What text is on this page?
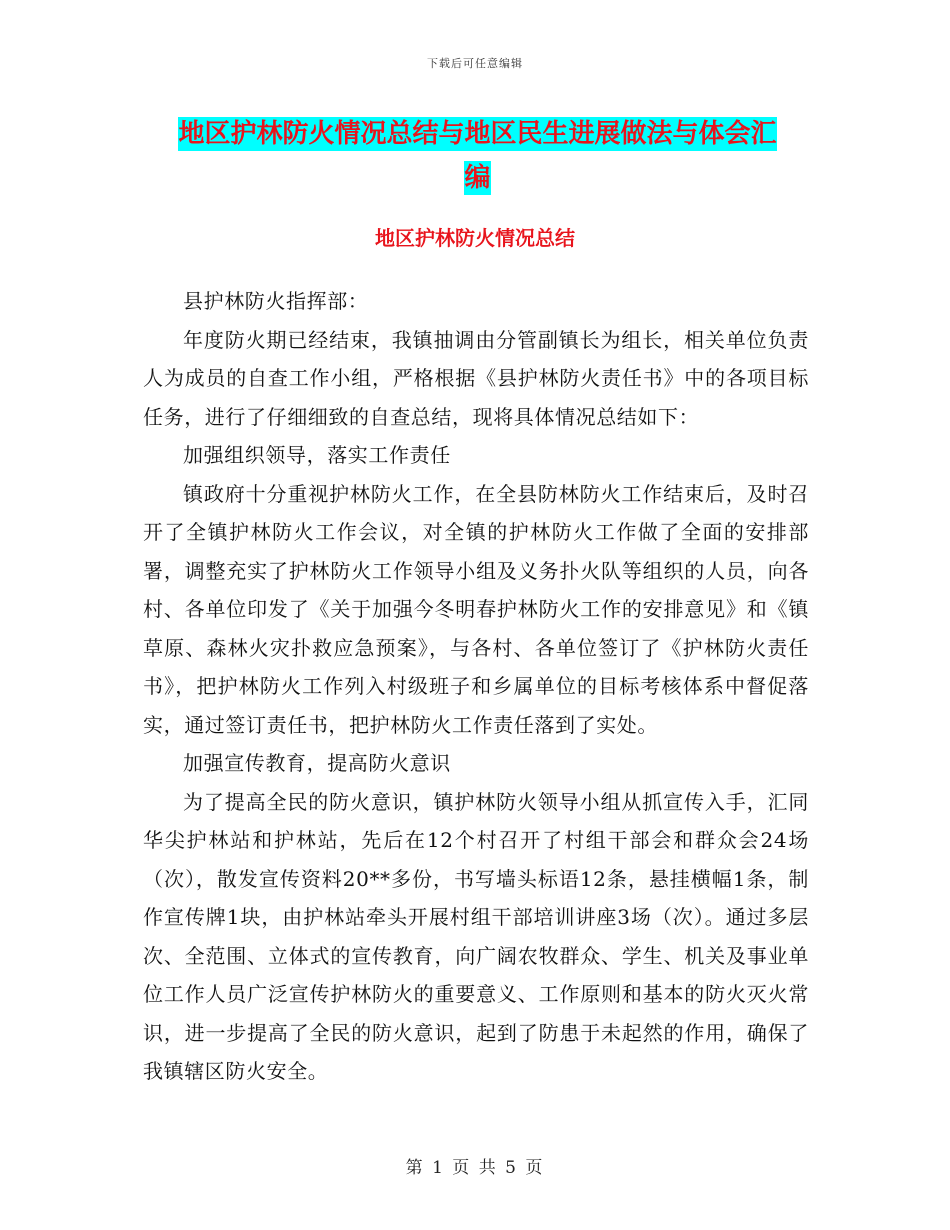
下载后可任意编辑
地区护林防火情况总结与地区民生进展做法与体会汇
编
地区护林防火情况总结

县护林防火指挥部：

年度防火期已经结束，我镇抽调由分管副镇长为组长，相关单位负责人为成员的自查工作小组，严格根据《县护林防火责任书》中的各项目标任务，进行了仔细细致的自查总结，现将具体情况总结如下：

加强组织领导，落实工作责任

镇政府十分重视护林防火工作，在全县防林防火工作结束后，及时召开了全镇护林防火工作会议，对全镇的护林防火工作做了全面的安排部署，调整充实了护林防火工作领导小组及义务扑火队等组织的人员，向各村、各单位印发了《关于加强今冬明春护林防火工作的安排意见》和《镇草原、森林火灾扑救应急预案》，与各村、各单位签订了《护林防火责任书》，把护林防火工作列入村级班子和乡属单位的目标考核体系中督促落实，通过签订责任书，把护林防火工作责任落到了实处。

加强宣传教育，提高防火意识

为了提高全民的防火意识，镇护林防火领导小组从抓宣传入手，汇同华尖护林站和护林站，先后在12个村召开了村组干部会和群众会24场（次），散发宣传资料20**多份，书写墙头标语12条，悬挂横幅1条，制作宣传牌1块，由护林站牵头开展村组干部培训讲座3场（次）。通过多层次、全范围、立体式的宣传教育，向广阔农牧群众、学生、机关及事业单位工作人员广泛宣传护林防火的重要意义、工作原则和基本的防火灭火常识，进一步提高了全民的防火意识，起到了防患于未起然的作用，确保了我镇辖区防火安全。

第 1 页 共 5 页
